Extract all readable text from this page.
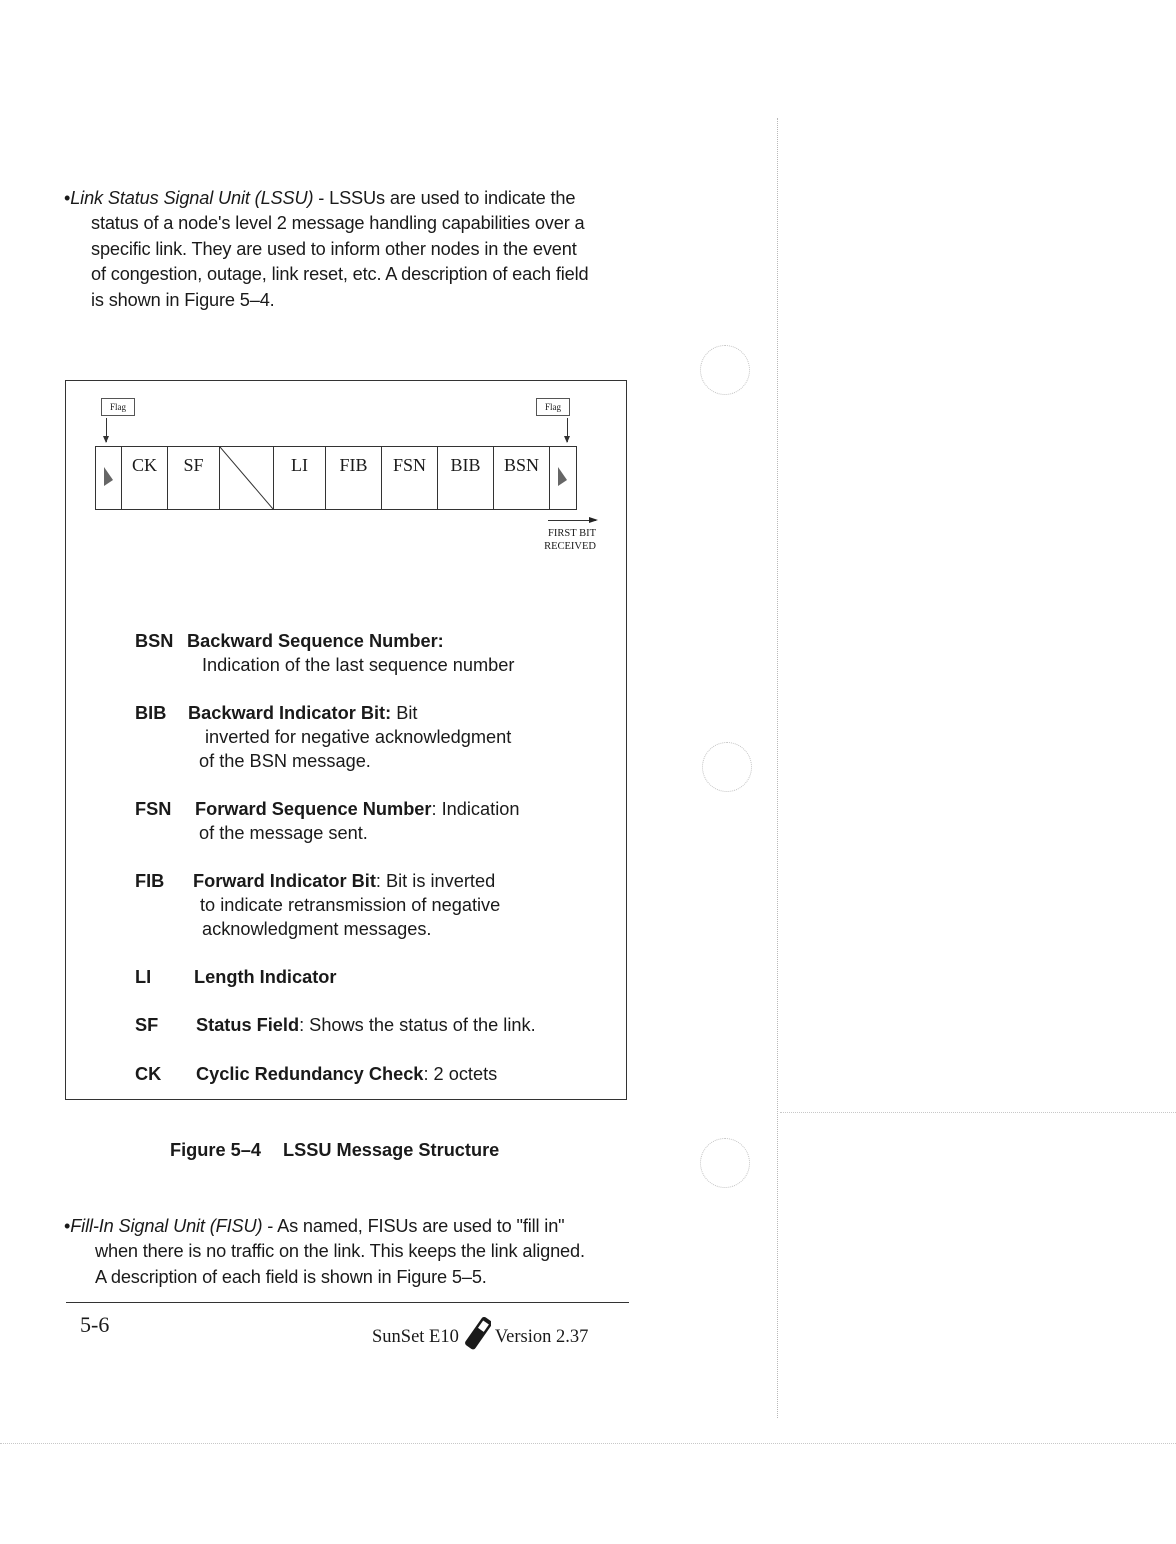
•Link Status Signal Unit (LSSU) - LSSUs are used to indicate the
status of a node's level 2 message handling capabilities over a
specific link. They are used to inform other nodes in the event
of congestion, outage, link reset, etc. A description of each field
is shown in Figure 5–4.
Flag	Flag
CK	SF	LI	FIB	FSN	BIB	BSN
FIRST BIT
RECEIVED
BSN Backward Sequence Number:
Indication of the last sequence number
BIB Backward Indicator Bit: Bit
inverted for negative acknowledgment
of the BSN message.
FSN Forward Sequence Number: Indication
of the message sent.
FIB Forward Indicator Bit: Bit is inverted
to indicate retransmission of negative
acknowledgment messages.
LI Length Indicator
SF Status Field: Shows the status of the link.
CK Cyclic Redundancy Check: 2 octets
Figure 5–4 LSSU Message Structure
•Fill-In Signal Unit (FISU) - As named, FISUs are used to "fill in"
when there is no traffic on the link. This keeps the link aligned.
A description of each field is shown in Figure 5–5.
5-6	SunSet E10 Version 2.37
